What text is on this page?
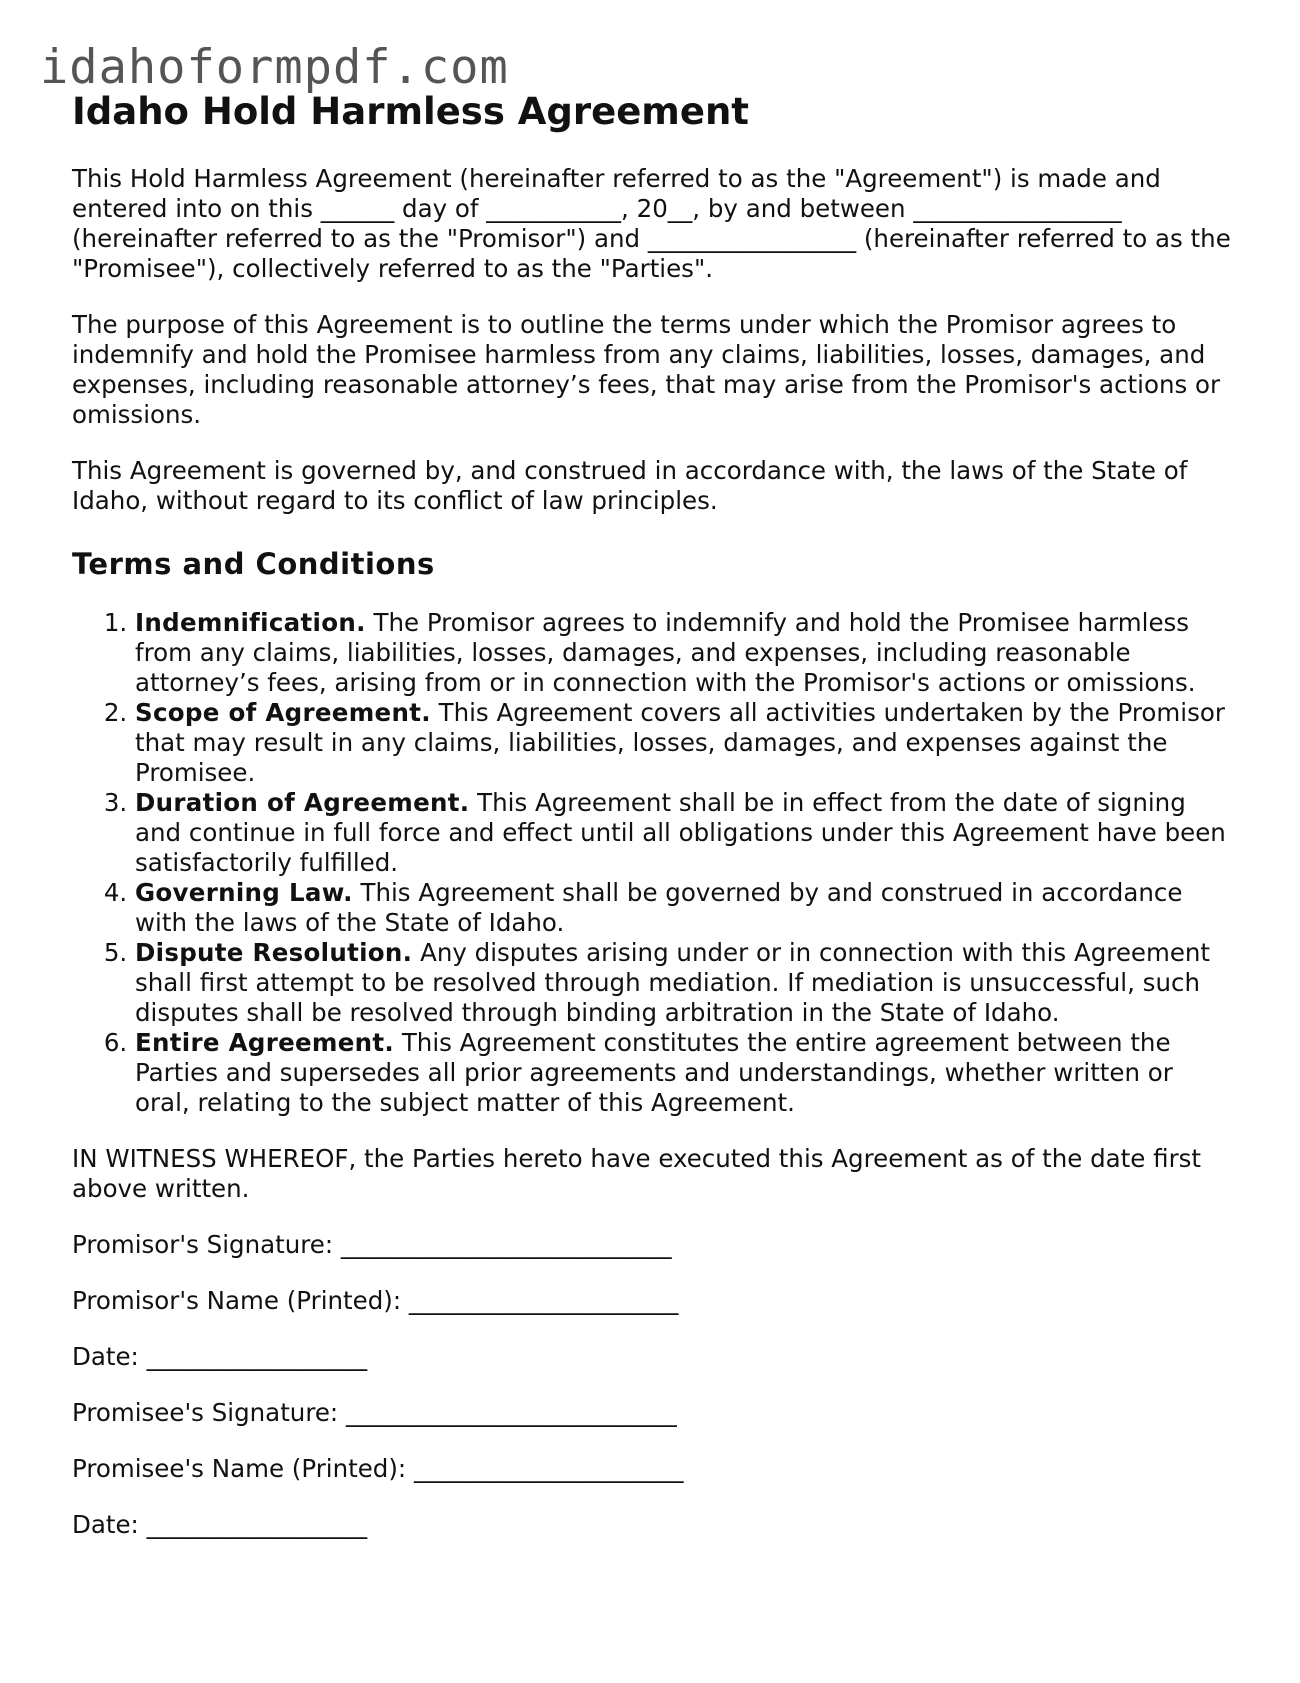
idahoformpdf.com
Idaho Hold Harmless Agreement

This Hold Harmless Agreement (hereinafter referred to as the "Agreement") is made and entered into on this ______ day of ___________, 20__, by and between _________________ (hereinafter referred to as the "Promisor") and _________________ (hereinafter referred to as the "Promisee"), collectively referred to as the "Parties".

The purpose of this Agreement is to outline the terms under which the Promisor agrees to indemnify and hold the Promisee harmless from any claims, liabilities, losses, damages, and expenses, including reasonable attorney’s fees, that may arise from the Promisor's actions or omissions.

This Agreement is governed by, and construed in accordance with, the laws of the State of Idaho, without regard to its conflict of law principles.

Terms and Conditions
1. Indemnification. The Promisor agrees to indemnify and hold the Promisee harmless from any claims, liabilities, losses, damages, and expenses, including reasonable attorney’s fees, arising from or in connection with the Promisor's actions or omissions.
2. Scope of Agreement. This Agreement covers all activities undertaken by the Promisor that may result in any claims, liabilities, losses, damages, and expenses against the Promisee.
3. Duration of Agreement. This Agreement shall be in effect from the date of signing and continue in full force and effect until all obligations under this Agreement have been satisfactorily fulfilled.
4. Governing Law. This Agreement shall be governed by and construed in accordance with the laws of the State of Idaho.
5. Dispute Resolution. Any disputes arising under or in connection with this Agreement shall first attempt to be resolved through mediation. If mediation is unsuccessful, such disputes shall be resolved through binding arbitration in the State of Idaho.
6. Entire Agreement. This Agreement constitutes the entire agreement between the Parties and supersedes all prior agreements and understandings, whether written or oral, relating to the subject matter of this Agreement.

IN WITNESS WHEREOF, the Parties hereto have executed this Agreement as of the date first above written.

Promisor's Signature: ___________________________

Promisor's Name (Printed): ______________________

Date: __________________

Promisee's Signature: ___________________________

Promisee's Name (Printed): ______________________

Date: __________________
